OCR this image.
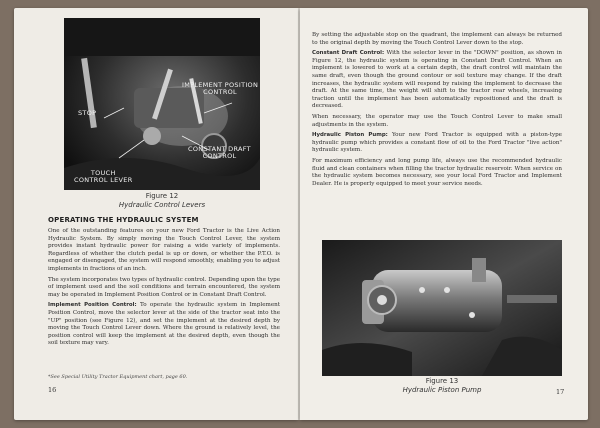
STOP
IMPLEMENT POSITION
CONTROL
CONSTANT DRAFT
CONTROL
TOUCH
CONTROL LEVER
Figure 12
Hydraulic Control Levers
OPERATING THE HYDRAULIC SYSTEM

One of the outstanding features on your new Ford Tractor is the Live Action Hydraulic System. By simply moving the Touch Control Lever, the system provides instant hydraulic power for raising a wide variety of implements. Regardless of whether the clutch pedal is up or down, or whether the P.T.O. is engaged or disengaged, the system will respond smoothly, enabling you to adjust implements in fractions of an inch.

The system incorporates two types of hydraulic control. Depending upon the type of implement used and the soil conditions and terrain encountered, the system may be operated in Implement Position Control or in Constant Draft Control.

Implement Position Control: To operate the hydraulic system in Implement Position Control, move the selector lever at the side of the tractor seat into the "UP" position (see Figure 12), and set the implement at the desired depth by moving the Touch Control Lever down. Where the ground is relatively level, the position control will keep the implement at the desired depth, even though the soil texture may vary.

*See Special Utility Tractor Equipment chart, page 60.
16

By setting the adjustable stop on the quadrant, the implement can always be returned to the original depth by moving the Touch Control Lever down to the stop.

Constant Draft Control: With the selector lever in the "DOWN" position, as shown in Figure 12, the hydraulic system is operating in Constant Draft Control. When an implement is lowered to work at a certain depth, the draft control will maintain the same draft, even though the ground contour or soil texture may change. If the draft increases, the hydraulic system will respond by raising the implement to decrease the draft. At the same time, the weight will shift to the tractor rear wheels, increasing traction until the implement has been automatically repositioned and the draft is decreased.

When necessary, the operator may use the Touch Control Lever to make small adjustments in the system.

Hydraulic Piston Pump: Your new Ford Tractor is equipped with a piston-type hydraulic pump which provides a constant flow of oil to the Ford Tractor "live action" hydraulic system.

For maximum efficiency and long pump life, always use the recommended hydraulic fluid and clean containers when filling the tractor hydraulic reservoir. When service on the hydraulic system becomes necessary, see your local Ford Tractor and Implement Dealer. He is properly equipped to meet your service needs.

Figure 13
Hydraulic Piston Pump	17
